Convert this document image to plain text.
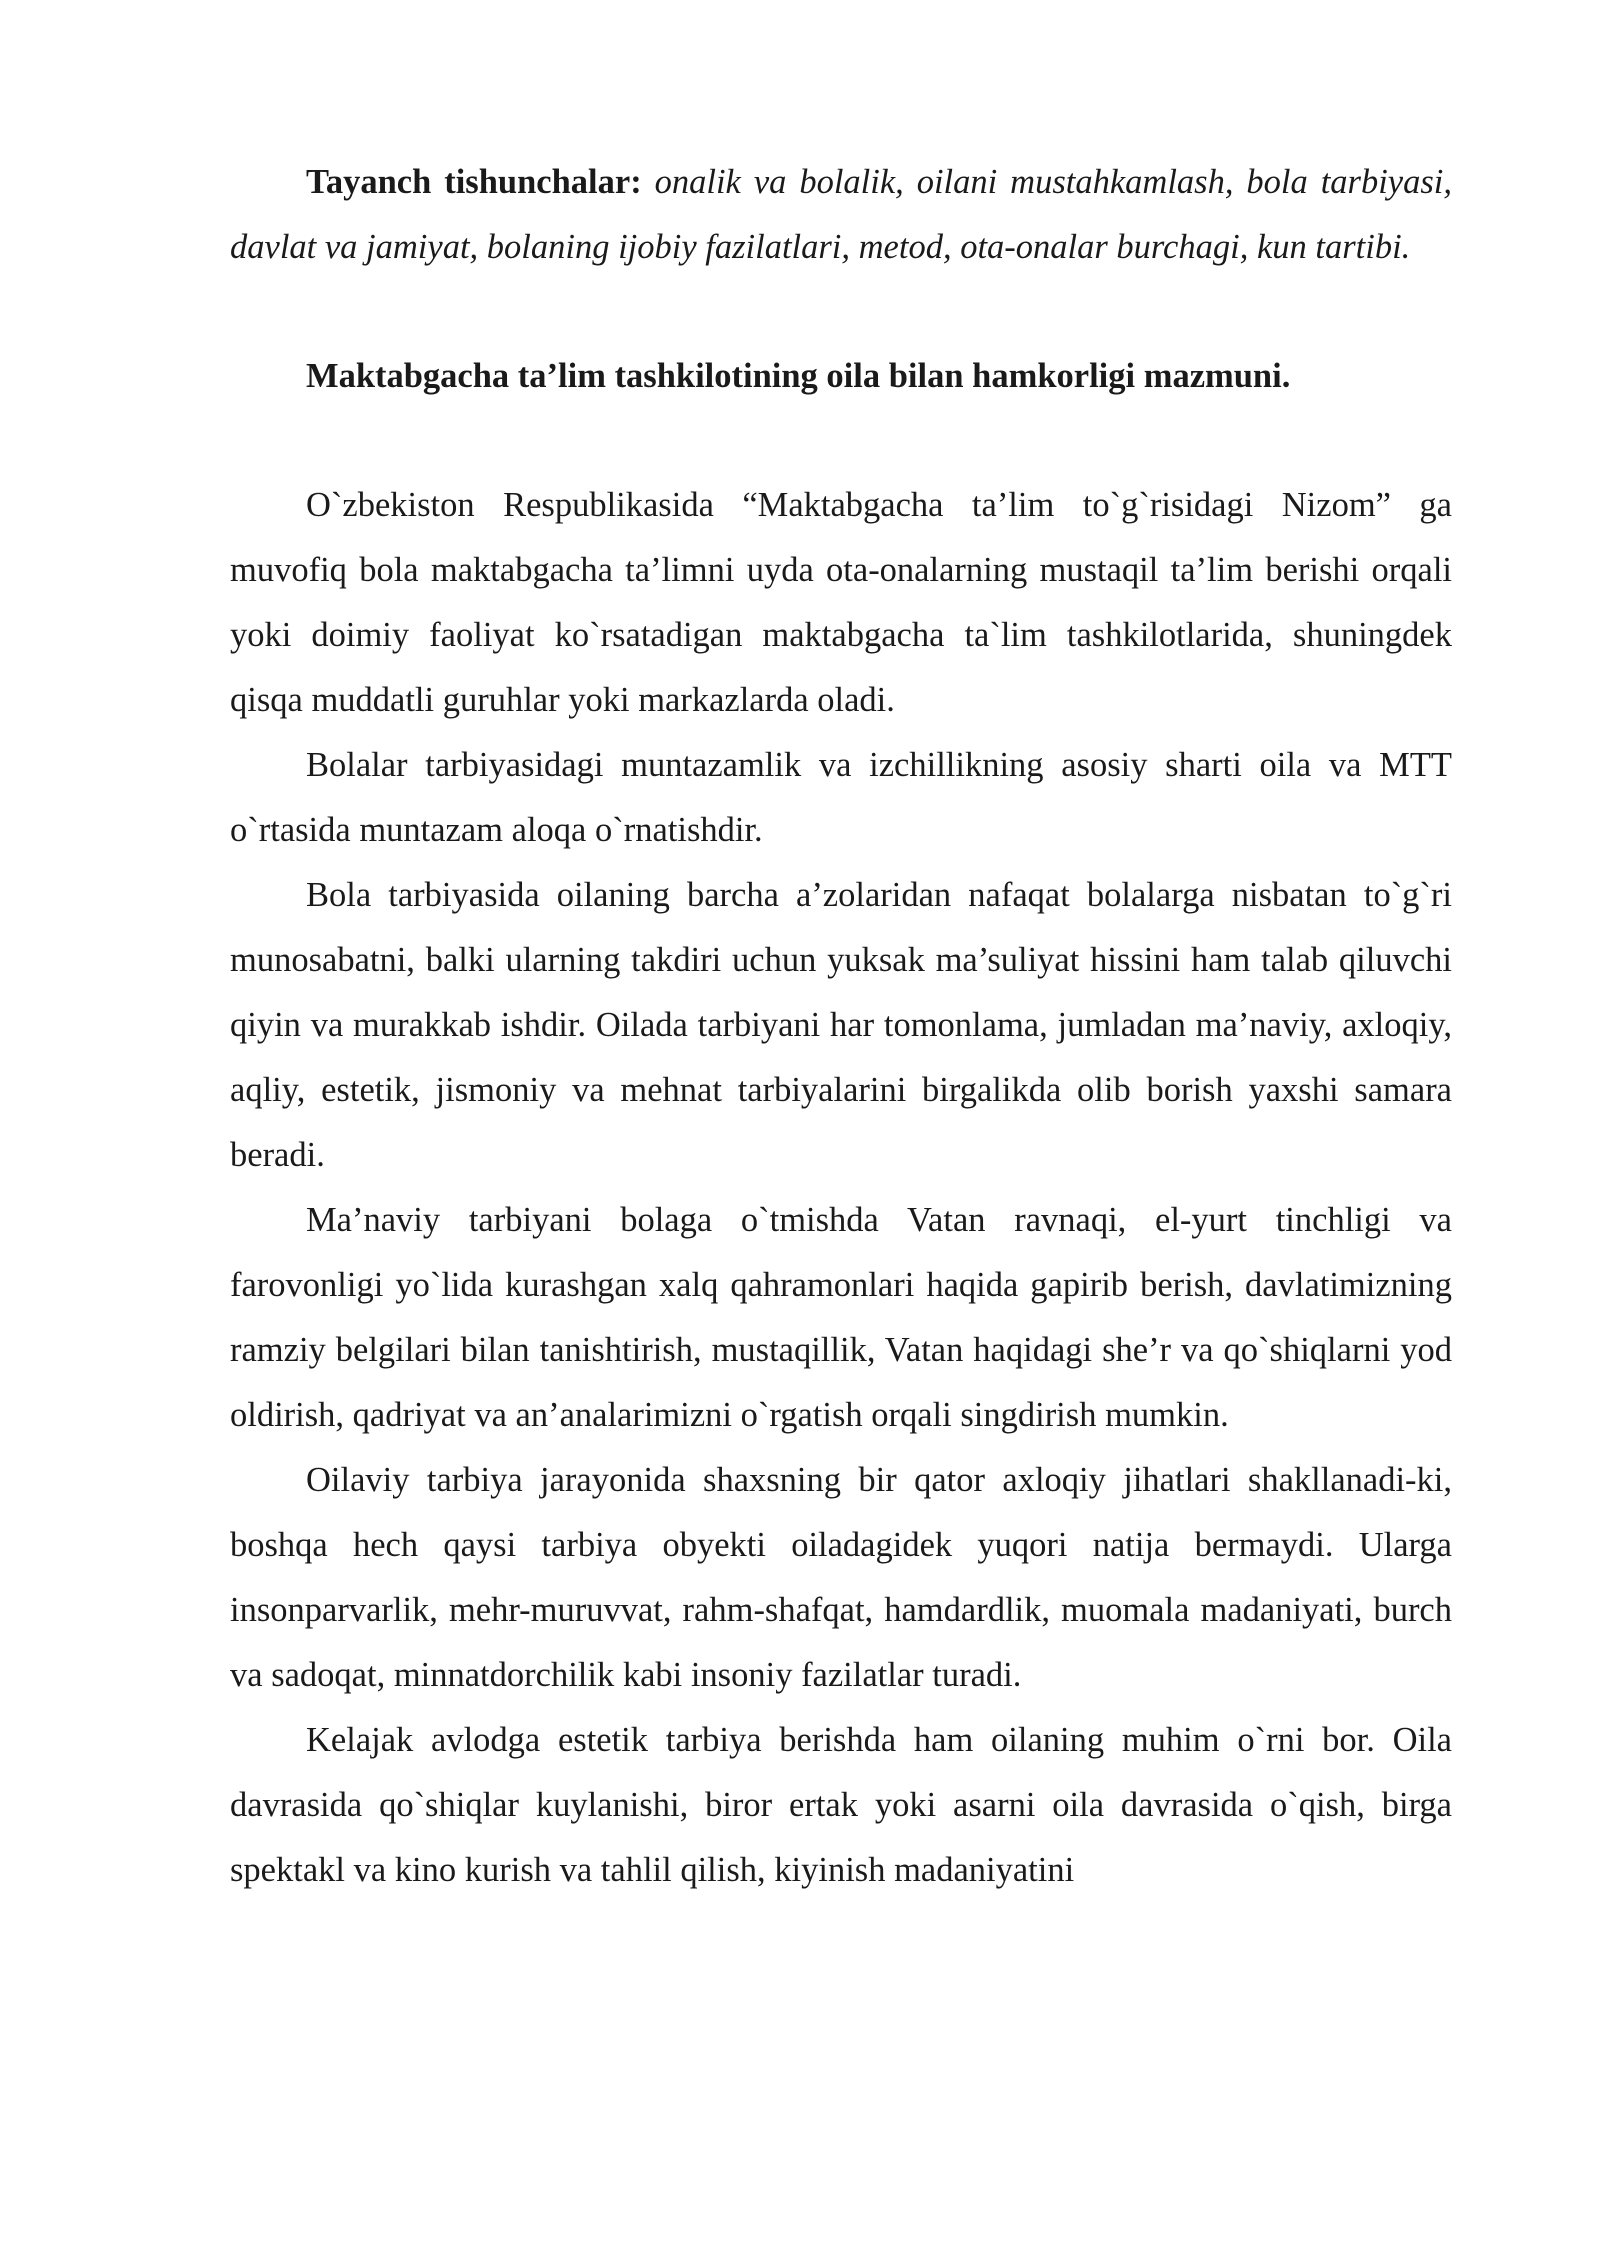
Tayanch tishunchalar: onalik va bolalik, oilani mustahkamlash, bola tarbiyasi, davlat va jamiyat, bolaning ijobiy fazilatlari, metod, ota-onalar burchagi, kun tartibi.

Maktabgacha ta’lim tashkilotining oila bilan hamkorligi mazmuni.

O`zbekiston Respublikasida “Maktabgacha ta’lim to`g`risidagi Nizom” ga muvofiq bola maktabgacha ta’limni uyda ota-onalarning mustaqil ta’lim berishi orqali yoki doimiy faoliyat ko`rsatadigan maktabgacha ta`lim tashkilotlarida, shuningdek qisqa muddatli guruhlar yoki markazlarda oladi.

Bolalar tarbiyasidagi muntazamlik va izchillikning asosiy sharti oila va MTT o`rtasida muntazam aloqa o`rnatishdir.

Bola tarbiyasida oilaning barcha a’zolaridan nafaqat bolalarga nisbatan to`g`ri munosabatni, balki ularning takdiri uchun yuksak ma’suliyat hissini ham talab qiluvchi qiyin va murakkab ishdir. Oilada tarbiyani har tomonlama, jumladan ma’naviy, axloqiy, aqliy, estetik, jismoniy va mehnat tarbiyalarini birgalikda olib borish yaxshi samara beradi.

Ma’naviy tarbiyani bolaga o`tmishda Vatan ravnaqi, el-yurt tinchligi va farovonligi yo`lida kurashgan xalq qahramonlari haqida gapirib berish, davlatimizning ramziy belgilari bilan tanishtirish, mustaqillik, Vatan haqidagi she’r va qo`shiqlarni yod oldirish, qadriyat va an’analarimizni o`rgatish orqali singdirish mumkin.

Oilaviy tarbiya jarayonida shaxsning bir qator axloqiy jihatlari shakllanadi-ki, boshqa hech qaysi tarbiya obyekti oiladagidek yuqori natija bermaydi. Ularga insonparvarlik, mehr-muruvvat, rahm-shafqat, hamdardlik, muomala madaniyati, burch va sadoqat, minnatdorchilik kabi insoniy fazilatlar turadi.

Kelajak avlodga estetik tarbiya berishda ham oilaning muhim o`rni bor. Oila davrasida qo`shiqlar kuylanishi, biror ertak yoki asarni oila davrasida o`qish, birga spektakl va kino kurish va tahlil qilish, kiyinish madaniyatini
